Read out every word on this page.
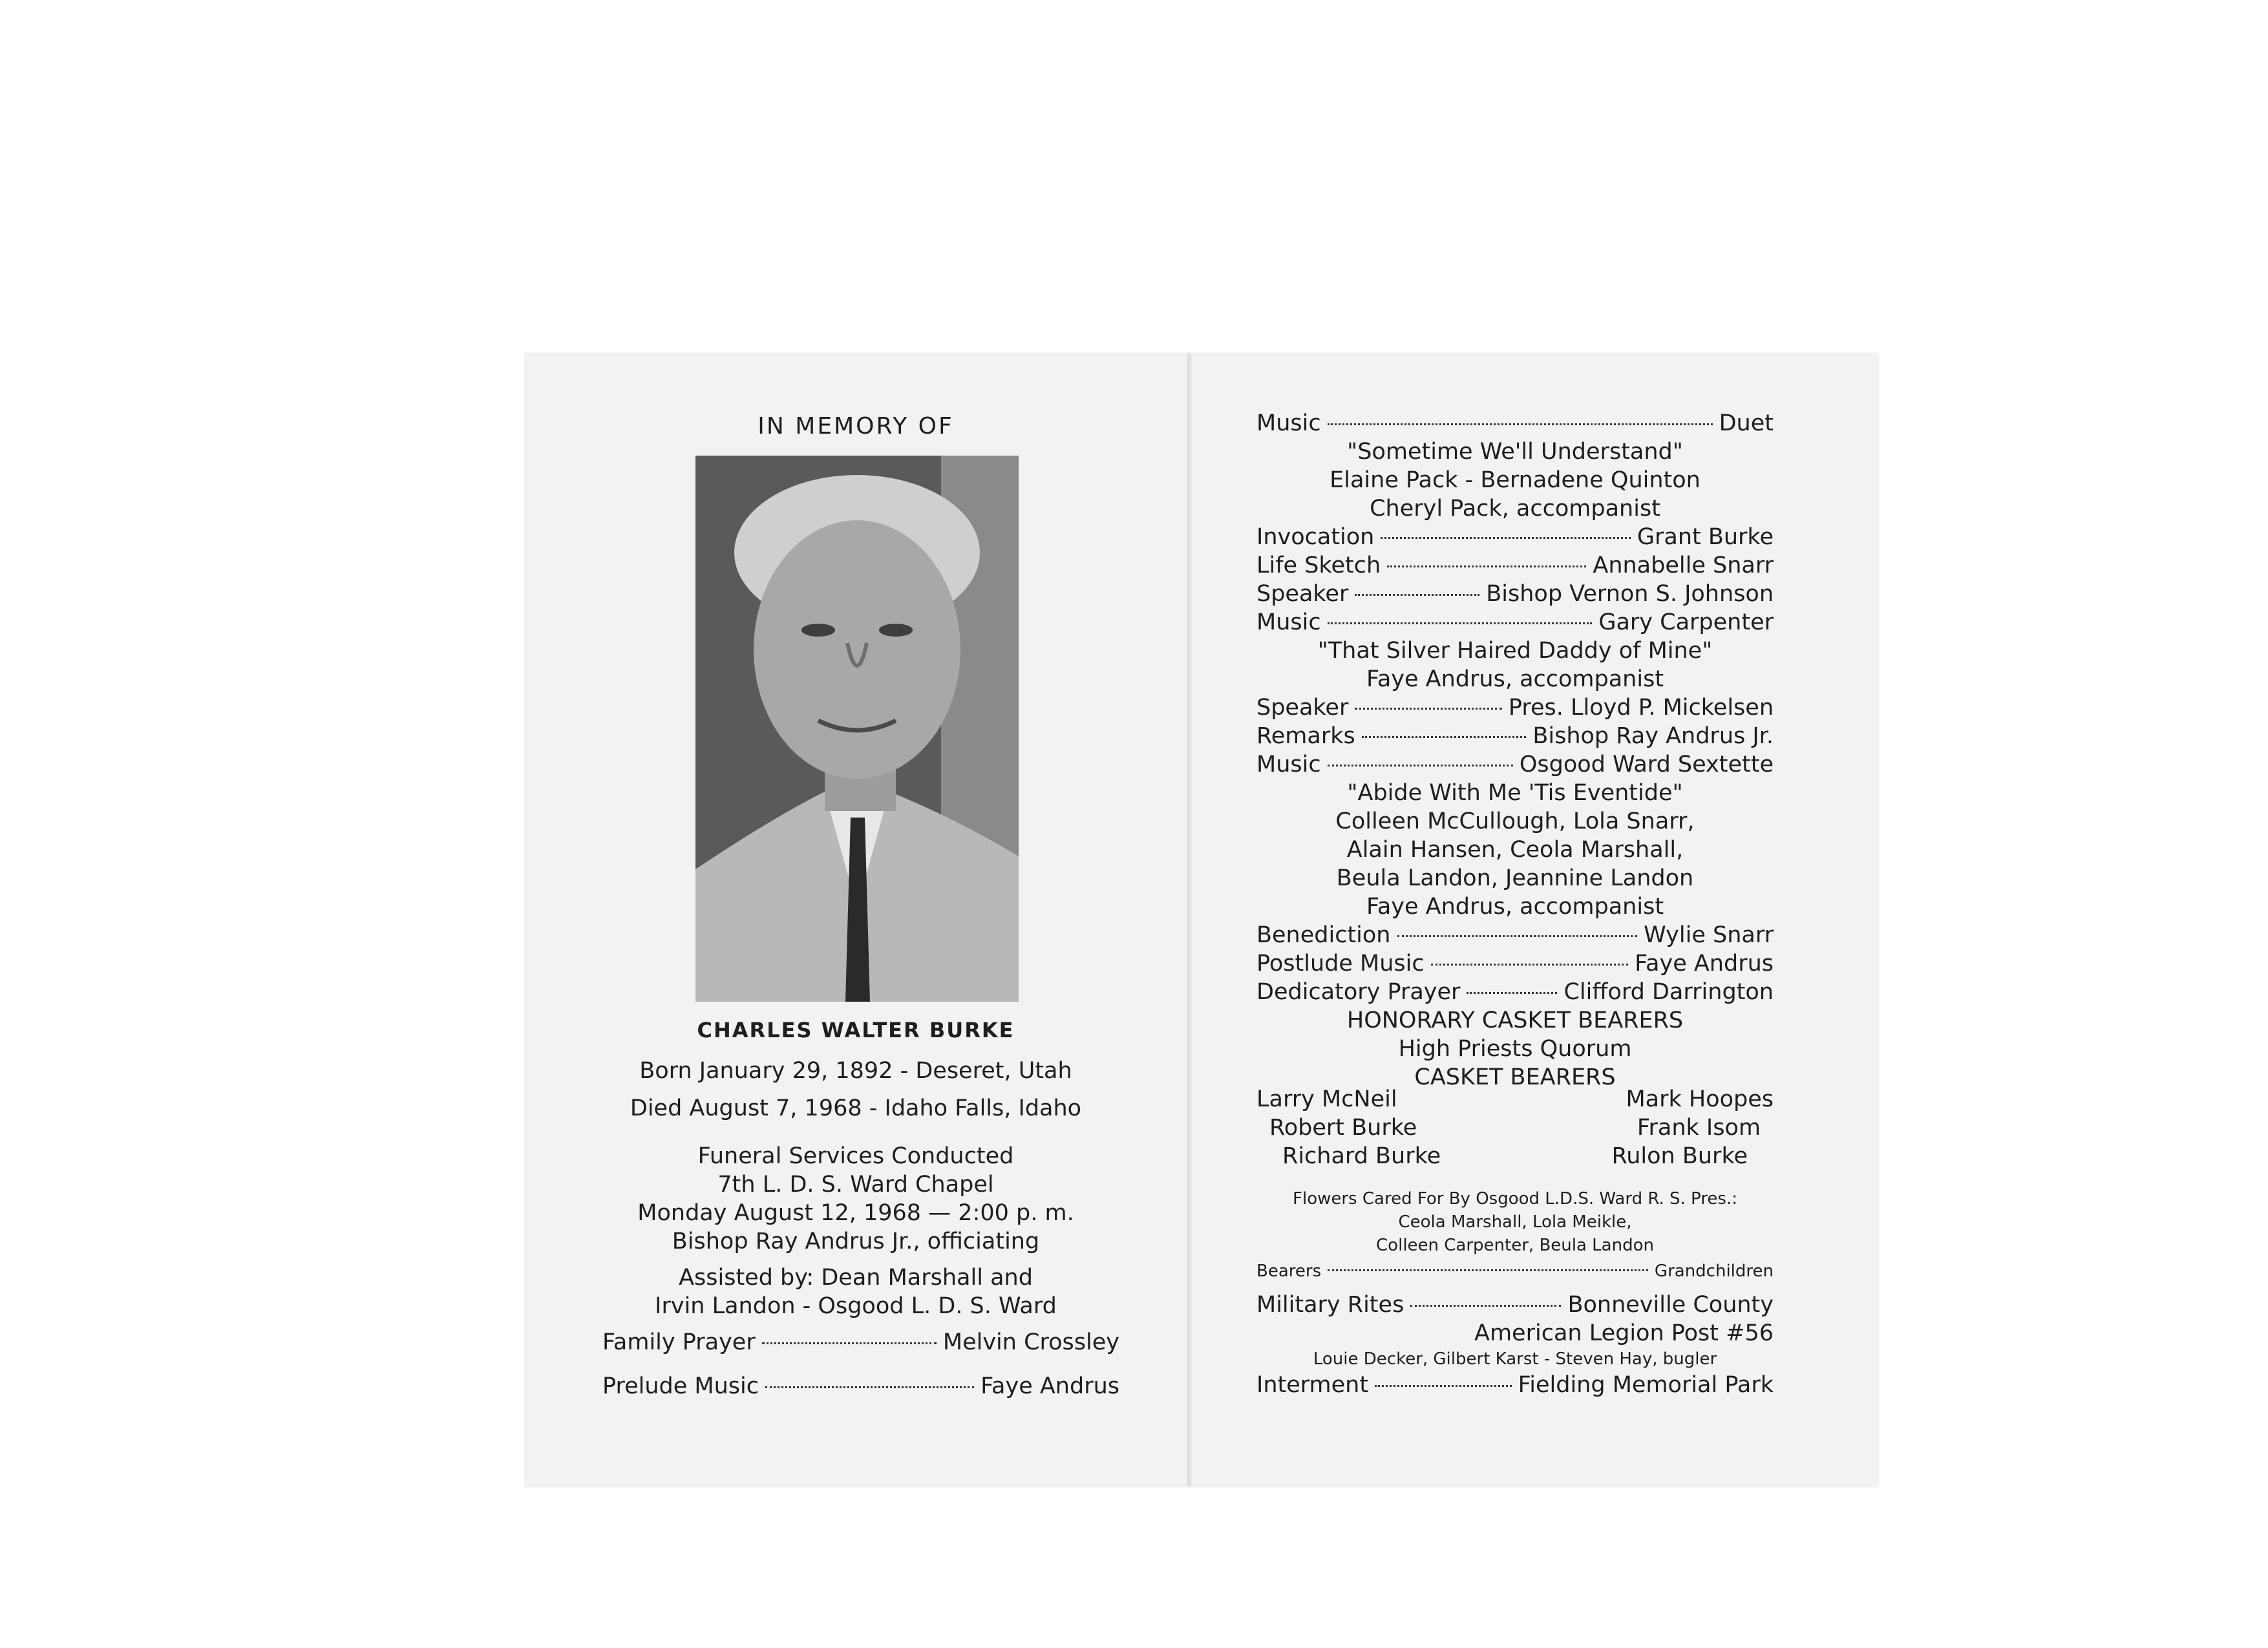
IN MEMORY OF
CHARLES WALTER BURKE
Born January 29, 1892 - Deseret, Utah
Died August 7, 1968 - Idaho Falls, Idaho
Funeral Services Conducted
7th L. D. S. Ward Chapel
Monday August 12, 1968 — 2:00 p. m.
Bishop Ray Andrus Jr., officiating
Assisted by: Dean Marshall and
Irvin Landon - Osgood L. D. S. Ward
Family Prayer	Melvin Crossley
Prelude Music	Faye Andrus
Music	Duet
"Sometime We'll Understand"
Elaine Pack - Bernadene Quinton
Cheryl Pack, accompanist
Invocation	Grant Burke
Life Sketch	Annabelle Snarr
Speaker	Bishop Vernon S. Johnson
Music	Gary Carpenter
"That Silver Haired Daddy of Mine"
Faye Andrus, accompanist
Speaker	Pres. Lloyd P. Mickelsen
Remarks	Bishop Ray Andrus Jr.
Music	Osgood Ward Sextette
"Abide With Me 'Tis Eventide"
Colleen McCullough, Lola Snarr,
Alain Hansen, Ceola Marshall,
Beula Landon, Jeannine Landon
Faye Andrus, accompanist
Benediction	Wylie Snarr
Postlude Music	Faye Andrus
Dedicatory Prayer	Clifford Darrington
HONORARY CASKET BEARERS
High Priests Quorum
CASKET BEARERS
Larry McNeil	Mark Hoopes
Robert Burke	Frank Isom
Richard Burke	Rulon Burke
Flowers Cared For By Osgood L.D.S. Ward R. S. Pres.:
Ceola Marshall, Lola Meikle,
Colleen Carpenter, Beula Landon
Bearers	Grandchildren
Military Rites	Bonneville County
American Legion Post #56
Louie Decker, Gilbert Karst - Steven Hay, bugler
Interment	Fielding Memorial Park
